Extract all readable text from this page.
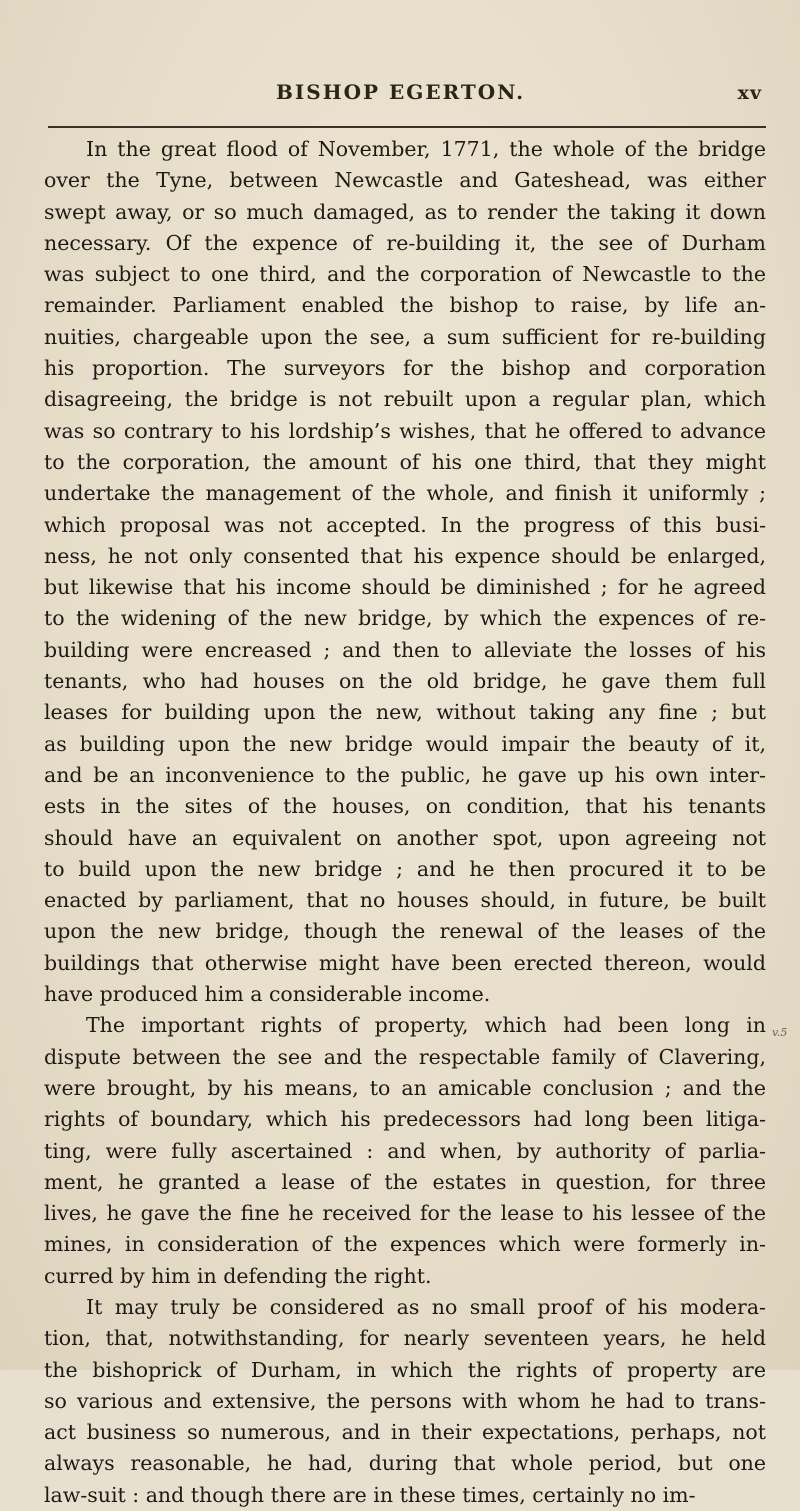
BISHOP EGERTON.	xv
In the great flood of November, 1771, the whole of the bridge
over the Tyne, between Newcastle and Gateshead, was either
swept away, or so much damaged, as to render the taking it down
necessary. Of the expence of re-building it, the see of Durham
was subject to one third, and the corporation of Newcastle to the
remainder. Parliament enabled the bishop to raise, by life an-
nuities, chargeable upon the see, a sum sufficient for re-building
his proportion. The surveyors for the bishop and corporation
disagreeing, the bridge is not rebuilt upon a regular plan, which
was so contrary to his lordship’s wishes, that he offered to advance
to the corporation, the amount of his one third, that they might
undertake the management of the whole, and finish it uniformly ;
which proposal was not accepted. In the progress of this busi-
ness, he not only consented that his expence should be enlarged,
but likewise that his income should be diminished ; for he agreed
to the widening of the new bridge, by which the expences of re-
building were encreased ; and then to alleviate the losses of his
tenants, who had houses on the old bridge, he gave them full
leases for building upon the new, without taking any fine ; but
as building upon the new bridge would impair the beauty of it,
and be an inconvenience to the public, he gave up his own inter-
ests in the sites of the houses, on condition, that his tenants
should have an equivalent on another spot, upon agreeing not
to build upon the new bridge ; and he then procured it to be
enacted by parliament, that no houses should, in future, be built
upon the new bridge, though the renewal of the leases of the
buildings that otherwise might have been erected thereon, would
have produced him a considerable income.
The important rights of property, which had been long in
dispute between the see and the respectable family of Clavering,
were brought, by his means, to an amicable conclusion ; and the
rights of boundary, which his predecessors had long been litiga-
ting, were fully ascertained : and when, by authority of parlia-
ment, he granted a lease of the estates in question, for three
lives, he gave the fine he received for the lease to his lessee of the
mines, in consideration of the expences which were formerly in-
curred by him in defending the right.
It may truly be considered as no small proof of his modera-
tion, that, notwithstanding, for nearly seventeen years, he held
the bishoprick of Durham, in which the rights of property are
so various and extensive, the persons with whom he had to trans-
act business so numerous, and in their expectations, perhaps, not
always reasonable, he had, during that whole period, but one
law-suit : and though there are in these times, certainly no im-
v.5
